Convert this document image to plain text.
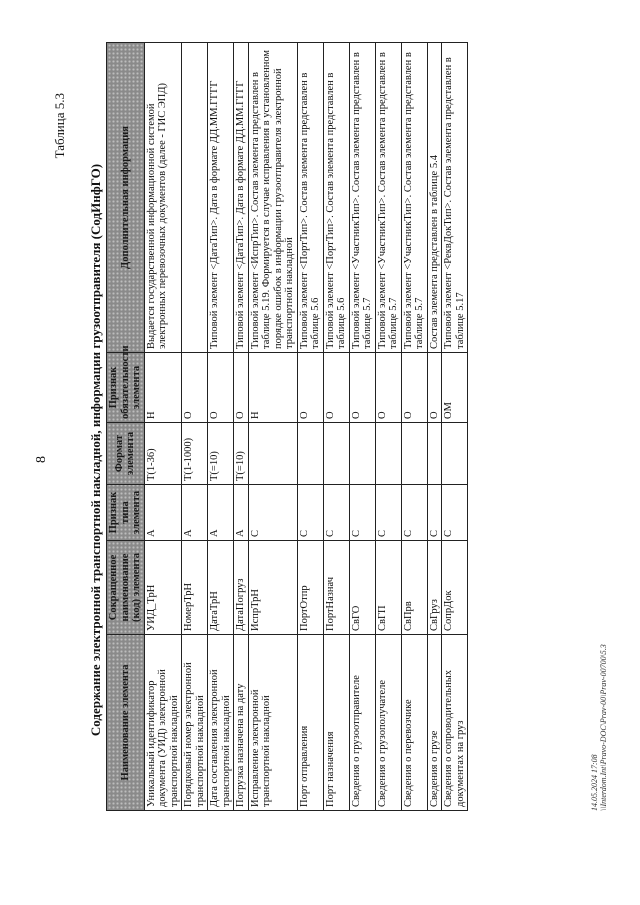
8
Таблица 5.3
Содержание электронной транспортной накладной, информации грузоотправителя (СодИнфГО) Наименование элемента	Сокращенное наименование (код) элемента	Признак типа элемента	Формат элемента	Признак обязательности элемента	Дополнительная информация
Уникальный идентификатор документа (УИД) электронной транспортной накладной	УИД_ТрН	А	Т(1-36)	Н	Выдается государственной информационной системой электронных перевозочных документов (далее - ГИС ЭПД)
Порядковый номер электронной транспортной накладной	НомерТрН	А	Т(1-1000)	О	
Дата составления электронной транспортной накладной	ДатаТрН	А	Т(=10)	О	Типовой элемент <ДатаТип>. Дата в формате ДД.ММ.ГГГГ
Погрузка назначена на дату	ДатаПогруз	А	Т(=10)	О	Типовой элемент <ДатаТип>. Дата в формате ДД.ММ.ГГГГ
Исправление электронной транспортной накладной	ИспрТрН	С		Н	Типовой элемент <ИспрТип>. Состав элемента представлен в таблице 5.19. Формируется в случае исправления в установленном порядке ошибок в информации грузоотправителя электронной транспортной накладной
Порт отправления	ПортОтпр	С		О	Типовой элемент <ПортТип>. Состав элемента представлен в таблице 5.6
Порт назначения	ПортНазнач	С		О	Типовой элемент <ПортТип>. Состав элемента представлен в таблице 5.6
Сведения о грузоотправителе	СвГО	С		О	Типовой элемент <УчастникТип>. Состав элемента представлен в таблице 5.7
Сведения о грузополучателе	СвГП	С		О	Типовой элемент <УчастникТип>. Состав элемента представлен в таблице 5.7
Сведения о перевозчике	СвПрв	С		О	Типовой элемент <УчастникТип>. Состав элемента представлен в таблице 5.7
Сведения о грузе	СвГруз	С		О	Состав элемента представлен в таблице 5.4
Сведения о сопроводительных документах на груз	СопрДок	С		ОМ	Типовой элемент <РеквДокТип>. Состав элемента представлен в таблице 5.17
14.05.2024 17:08 \\Interdom.Int\Pravo-DOC\Prav-00\Prav-00700\5.3
